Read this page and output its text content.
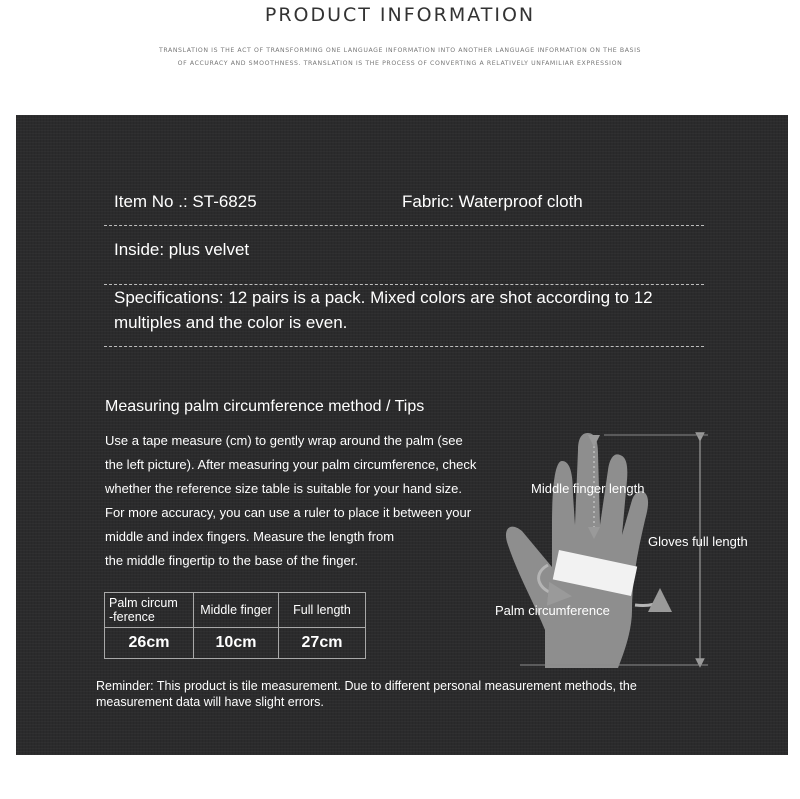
PRODUCT INFORMATION
TRANSLATION IS THE ACT OF TRANSFORMING ONE LANGUAGE INFORMATION INTO ANOTHER LANGUAGE INFORMATION ON THE BASIS
OF ACCURACY AND SMOOTHNESS. TRANSLATION IS THE PROCESS OF CONVERTING A RELATIVELY UNFAMILIAR EXPRESSION
Item No .: ST-6825	Fabric: Waterproof cloth
Inside: plus velvet
Specifications: 12 pairs is a pack. Mixed colors are shot according to 12
multiples and the color is even.
Measuring palm circumference method / Tips
Use a tape measure (cm) to gently wrap around the palm (see
the left picture). After measuring your palm circumference, check
whether the reference size table is suitable for your hand size.
For more accuracy, you can use a ruler to place it between your
middle and index fingers. Measure the length from
the middle fingertip to the base of the finger.
Palm circum
-ference	Middle finger	Full length
26cm	10cm	27cm
Middle finger length
Gloves full length
Palm circumference
Reminder: This product is tile measurement. Due to different personal measurement methods, the
measurement data will have slight errors.
